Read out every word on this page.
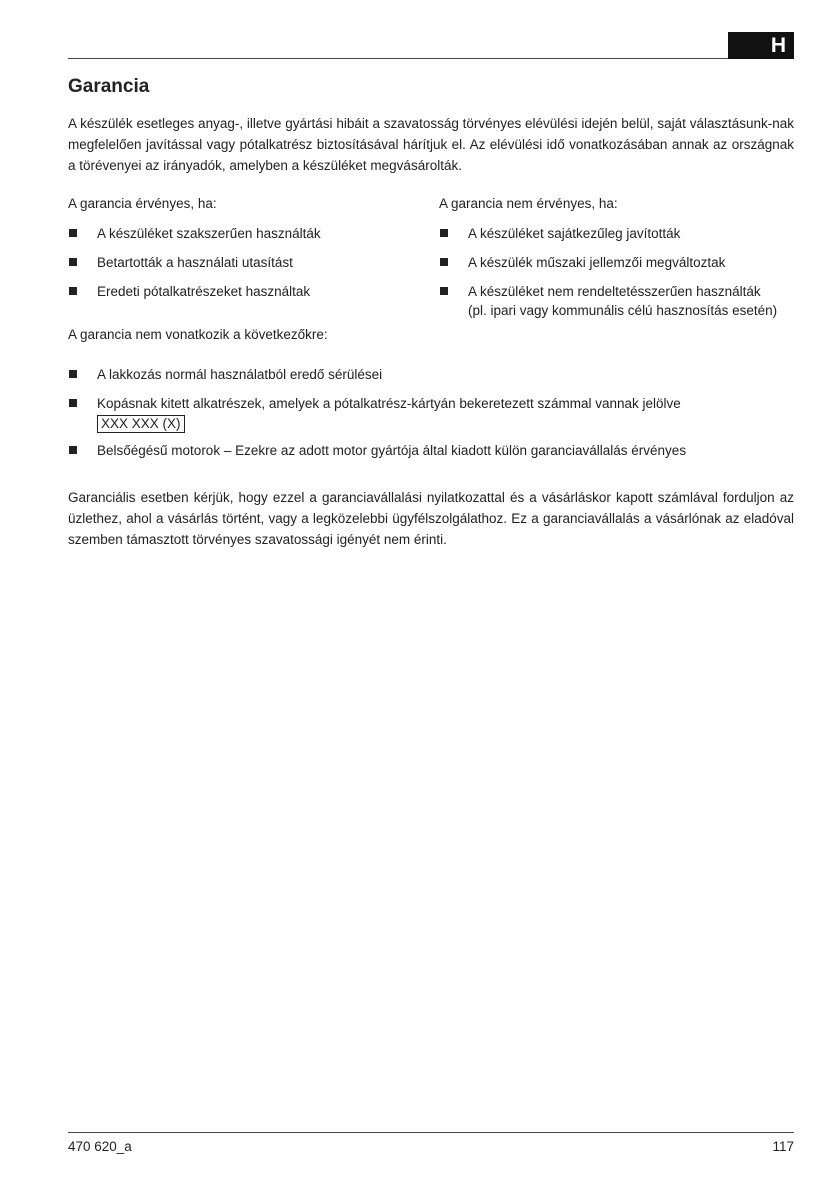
H
Garancia

A készülék esetleges anyag-, illetve gyártási hibáit a szavatosság törvényes elévülési idején belül, saját választásunk-nak megfelelően javítással vagy pótalkatrész biztosításával hárítjuk el. Az elévülési idő vonatkozásában annak az országnak a törévenyei az irányadók, amelyben a készüléket megvásárolták.

A garancia érvényes, ha:

A készüléket szakszerűen használták
Betartották a használati utasítást
Eredeti pótalkatrészeket használtak

A garancia nem érvényes, ha:

A készüléket sajátkezűleg javították
A készülék műszaki jellemzői megváltoztak
A készüléket nem rendeltetésszerűen használták
(pl. ipari vagy kommunális célú hasznosítás esetén)

A garancia nem vonatkozik a következőkre:

A lakkozás normál használatból eredő sérülései
Kopásnak kitett alkatrészek, amelyek a pótalkatrész-kártyán bekeretezett számmal vannak jelölve
XXX XXX (X)
Belsőégésű motorok – Ezekre az adott motor gyártója által kiadott külön garanciavállalás érvényes

Garanciális esetben kérjük, hogy ezzel a garanciavállalási nyilatkozattal és a vásárláskor kapott számlával forduljon az üzlethez, ahol a vásárlás történt, vagy a legközelebbi ügyfélszolgálathoz. Ez a garanciavállalás a vásárlónak az eladóval szemben támasztott törvényes szavatossági igényét nem érinti.

470 620_a	117
